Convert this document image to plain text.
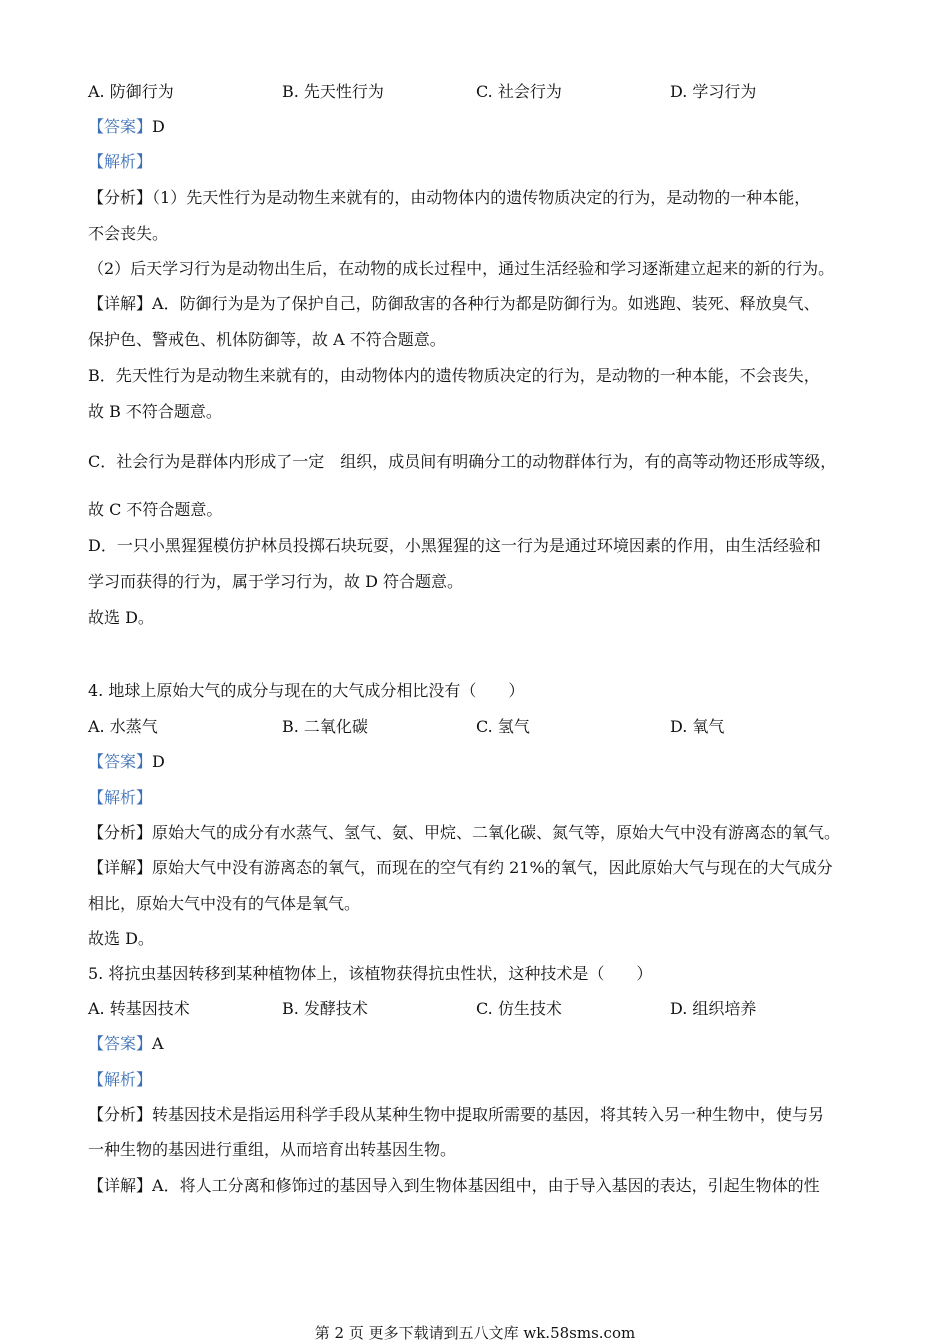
A. 防御行为	B. 先天性行为	C. 社会行为	D. 学习行为
【答案】D
【解析】
【分析】（1）先天性行为是动物生来就有的，由动物体内的遗传物质决定的行为，是动物的一种本能，
不会丧失。
（2）后天学习行为是动物出生后，在动物的成长过程中，通过生活经验和学习逐渐建立起来的新的行为。
【详解】A．防御行为是为了保护自己，防御敌害的各种行为都是防御行为。如逃跑、装死、释放臭气、
保护色、警戒色、机体防御等，故 A 不符合题意。
B．先天性行为是动物生来就有的，由动物体内的遗传物质决定的行为，是动物的一种本能，不会丧失，
故 B 不符合题意。
C．社会行为是群体内形成了一定　组织，成员间有明确分工的动物群体行为，有的高等动物还形成等级，
故 C 不符合题意。
D．一只小黑猩猩模仿护林员投掷石块玩耍，小黑猩猩的这一行为是通过环境因素的作用，由生活经验和
学习而获得的行为，属于学习行为，故 D 符合题意。
故选 D。
4. 地球上原始大气的成分与现在的大气成分相比没有（　　）
A. 水蒸气	B. 二氧化碳	C. 氢气	D. 氧气
【答案】D
【解析】
【分析】原始大气的成分有水蒸气、氢气、氨、甲烷、二氧化碳、氮气等，原始大气中没有游离态的氧气。
【详解】原始大气中没有游离态的氧气，而现在的空气有约 21%的氧气，因此原始大气与现在的大气成分
相比，原始大气中没有的气体是氧气。
故选 D。
5. 将抗虫基因转移到某种植物体上，该植物获得抗虫性状，这种技术是（　　）
A. 转基因技术	B. 发酵技术	C. 仿生技术	D. 组织培养
【答案】A
【解析】
【分析】转基因技术是指运用科学手段从某种生物中提取所需要的基因，将其转入另一种生物中，使与另
一种生物的基因进行重组，从而培育出转基因生物。
【详解】A．将人工分离和修饰过的基因导入到生物体基因组中，由于导入基因的表达，引起生物体的性
第 2 页 更多下载请到五八文库 wk.58sms.com
